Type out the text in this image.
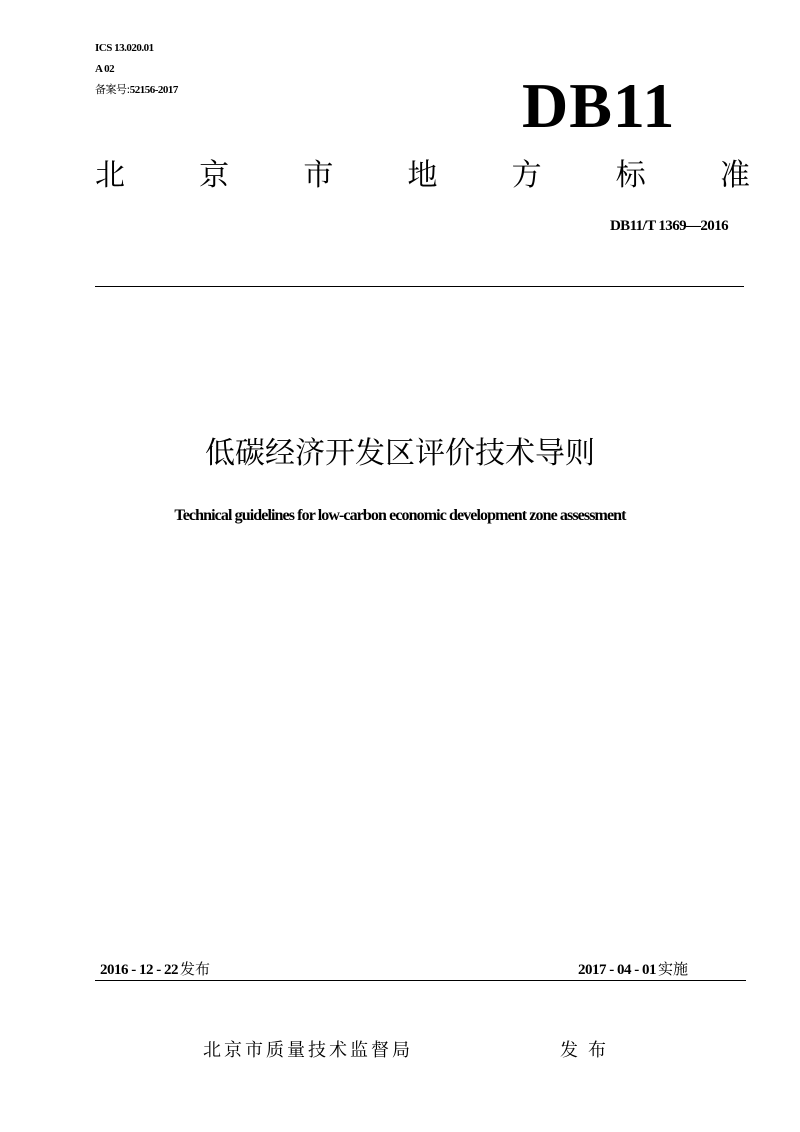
ICS 13.020.01
A 02
备案号:52156-2017	DB11
北 京 市 地 方 标 准
DB11/T 1369—2016
低碳经济开发区评价技术导则
Technical guidelines for low-carbon economic development zone assessment
2016 - 12 - 22 发布	2017 - 04 - 01 实施
北京市质量技术监督局	发布
